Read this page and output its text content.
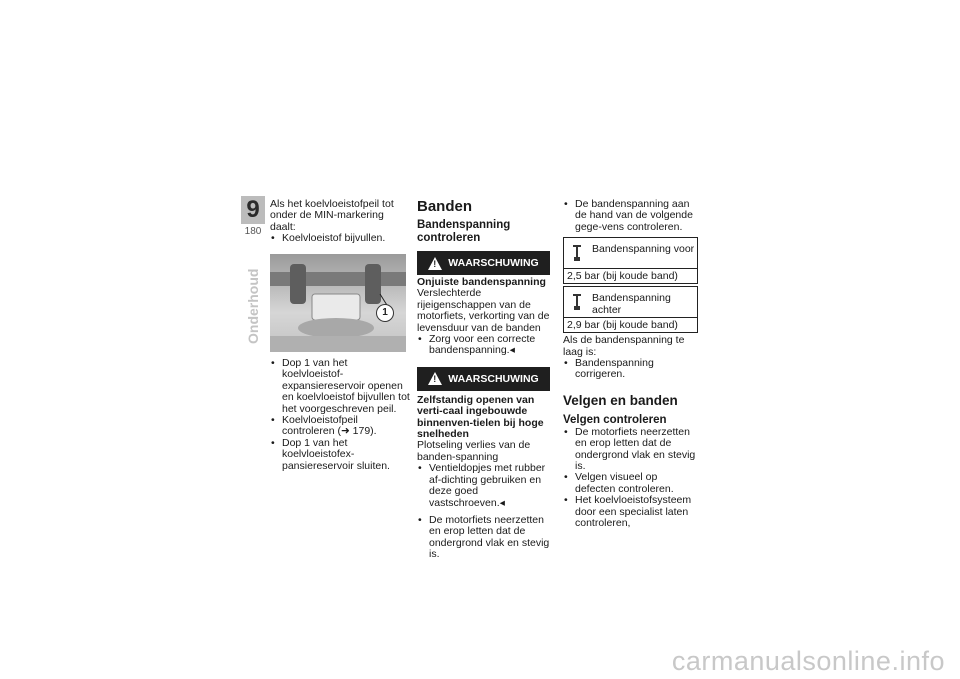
9
180
Onderhoud
Als het koelvloeistofpeil tot onder de MIN-markering daalt:
• Koelvloeistof bijvullen.
1
• Dop 1 van het koelvloeistof-expansiereservoir openen en koelvloeistof bijvullen tot het voorgeschreven peil.
• Koelvloeistofpeil controleren (➜ 179).
• Dop 1 van het koelvloeistofex-pansiereservoir sluiten.
Banden
Bandenspanning controleren
!
WAARSCHUWING
Onjuiste bandenspanning
Verslechterde rijeigenschappen van de motorfiets, verkorting van de levensduur van de banden
• Zorg voor een correcte bandenspanning.◂
!
WAARSCHUWING
Zelfstandig openen van verti-caal ingebouwde binnenven-tielen bij hoge snelheden
Plotseling verlies van de banden-spanning
• Ventieldopjes met rubber af-dichting gebruiken en deze goed vastschroeven.◂
• De motorfiets neerzetten en erop letten dat de ondergrond vlak en stevig is.
• De bandenspanning aan de hand van de volgende gege-vens controleren.
Bandenspanning voor
2,5 bar (bij koude band)
Bandenspanning achter
2,9 bar (bij koude band)
Als de bandenspanning te laag is:
• Bandenspanning corrigeren.
Velgen en banden
Velgen controleren
• De motorfiets neerzetten en erop letten dat de ondergrond vlak en stevig is.
• Velgen visueel op defecten controleren.
• Het koelvloeistofsysteem door een specialist laten controleren,
carmanualsonline.info
